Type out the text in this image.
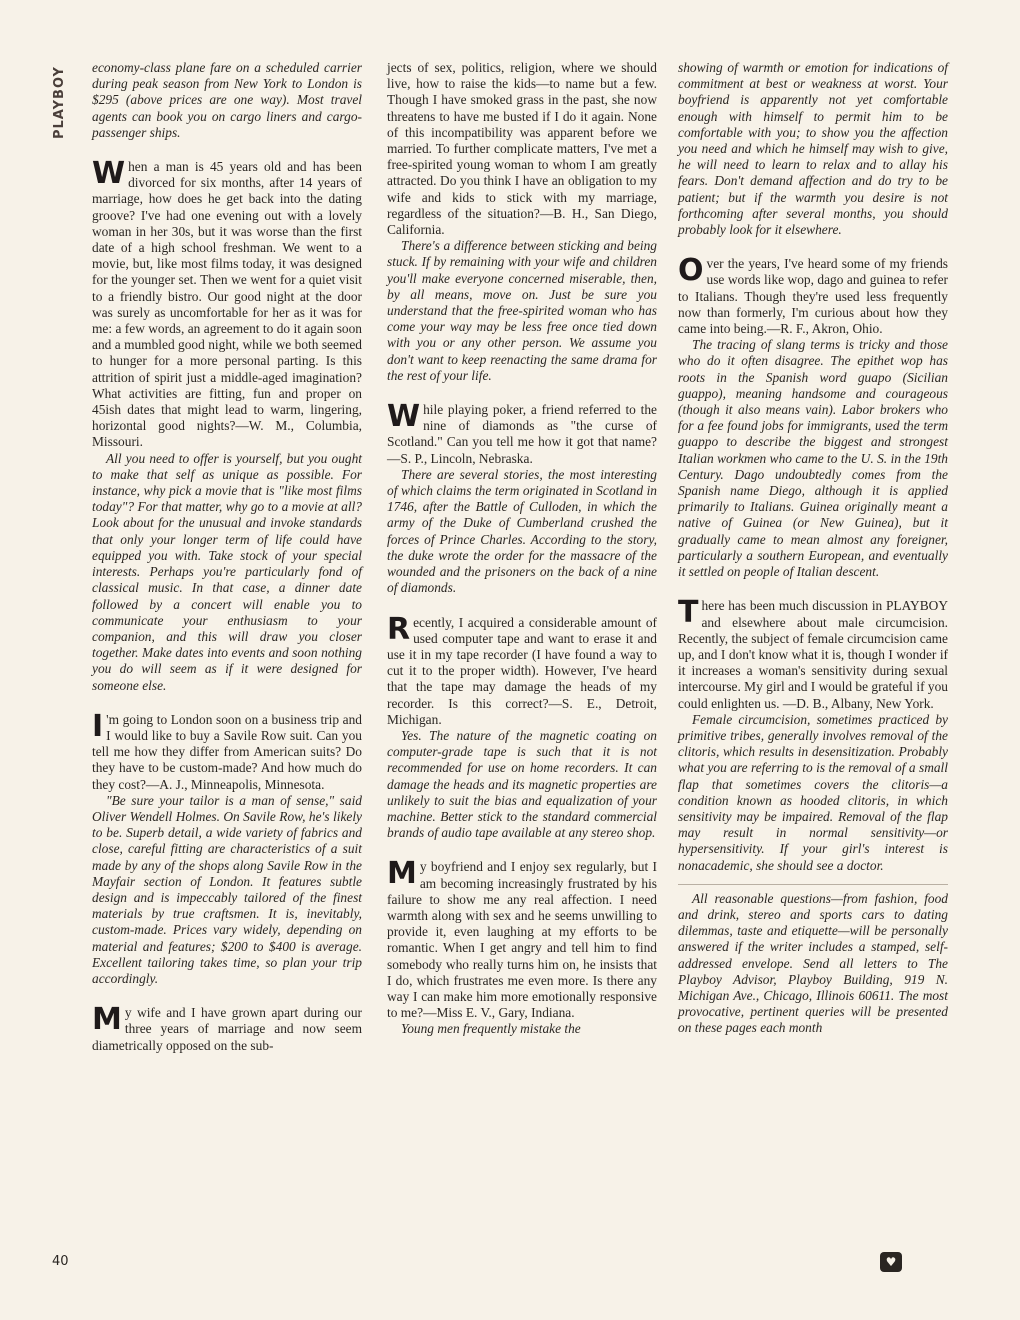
PLAYBOY
40

economy-class plane fare on a scheduled carrier during peak season from New York to London is $295 (above prices are one way). Most travel agents can book you on cargo liners and cargo-passenger ships.

When a man is 45 years old and has been divorced for six months, after 14 years of marriage, how does he get back into the dating groove? I've had one evening out with a lovely woman in her 30s, but it was worse than the first date of a high school freshman. We went to a movie, but, like most films today, it was designed for the younger set. Then we went for a quiet visit to a friendly bistro. Our good night at the door was surely as uncomfortable for her as it was for me: a few words, an agreement to do it again soon and a mumbled good night, while we both seemed to hunger for a more personal parting. Is this attrition of spirit just a middle-aged imagination? What activities are fitting, fun and proper on 45ish dates that might lead to warm, lingering, horizontal good nights?—W. M., Columbia, Missouri.

All you need to offer is yourself, but you ought to make that self as unique as possible. For instance, why pick a movie that is "like most films today"? For that matter, why go to a movie at all? Look about for the unusual and invoke standards that only your longer term of life could have equipped you with. Take stock of your special interests. Perhaps you're particularly fond of classical music. In that case, a dinner date followed by a concert will enable you to communicate your enthusiasm to your companion, and this will draw you closer together. Make dates into events and soon nothing you do will seem as if it were designed for someone else.

I 'm going to London soon on a business trip and I would like to buy a Savile Row suit. Can you tell me how they differ from American suits? Do they have to be custom-made? And how much do they cost?—A. J., Minneapolis, Minnesota.

"Be sure your tailor is a man of sense," said Oliver Wendell Holmes. On Savile Row, he's likely to be. Superb detail, a wide variety of fabrics and close, careful fitting are characteristics of a suit made by any of the shops along Savile Row in the Mayfair section of London. It features subtle design and is impeccably tailored of the finest materials by true craftsmen. It is, inevitably, custom-made. Prices vary widely, depending on material and features; $200 to $400 is average. Excellent tailoring takes time, so plan your trip accordingly.

My wife and I have grown apart during our three years of marriage and now seem diametrically opposed on the sub-

jects of sex, politics, religion, where we should live, how to raise the kids—to name but a few. Though I have smoked grass in the past, she now threatens to have me busted if I do it again. None of this incompatibility was apparent before we married. To further complicate matters, I've met a free-spirited young woman to whom I am greatly attracted. Do you think I have an obligation to my wife and kids to stick with my marriage, regardless of the situation?—B. H., San Diego, California.

There's a difference between sticking and being stuck. If by remaining with your wife and children you'll make everyone concerned miserable, then, by all means, move on. Just be sure you understand that the free-spirited woman who has come your way may be less free once tied down with you or any other person. We assume you don't want to keep reenacting the same drama for the rest of your life.

While playing poker, a friend referred to the nine of diamonds as "the curse of Scotland." Can you tell me how it got that name?—S. P., Lincoln, Nebraska.

There are several stories, the most interesting of which claims the term originated in Scotland in 1746, after the Battle of Culloden, in which the army of the Duke of Cumberland crushed the forces of Prince Charles. According to the story, the duke wrote the order for the massacre of the wounded and the prisoners on the back of a nine of diamonds.

Recently, I acquired a considerable amount of used computer tape and want to erase it and use it in my tape recorder (I have found a way to cut it to the proper width). However, I've heard that the tape may damage the heads of my recorder. Is this correct?—S. E., Detroit, Michigan.

Yes. The nature of the magnetic coating on computer-grade tape is such that it is not recommended for use on home recorders. It can damage the heads and its magnetic properties are unlikely to suit the bias and equalization of your machine. Better stick to the standard commercial brands of audio tape available at any stereo shop.

My boyfriend and I enjoy sex regularly, but I am becoming increasingly frustrated by his failure to show me any real affection. I need warmth along with sex and he seems unwilling to provide it, even laughing at my efforts to be romantic. When I get angry and tell him to find somebody who really turns him on, he insists that I do, which frustrates me even more. Is there any way I can make him more emotionally responsive to me?—Miss E. V., Gary, Indiana.

Young men frequently mistake the

showing of warmth or emotion for indications of commitment at best or weakness at worst. Your boyfriend is apparently not yet comfortable enough with himself to permit him to be comfortable with you; to show you the affection you need and which he himself may wish to give, he will need to learn to relax and to allay his fears. Don't demand affection and do try to be patient; but if the warmth you desire is not forthcoming after several months, you should probably look for it elsewhere.

Over the years, I've heard some of my friends use words like wop, dago and guinea to refer to Italians. Though they're used less frequently now than formerly, I'm curious about how they came into being.—R. F., Akron, Ohio.

The tracing of slang terms is tricky and those who do it often disagree. The epithet wop has roots in the Spanish word guapo (Sicilian guappo), meaning handsome and courageous (though it also means vain). Labor brokers who for a fee found jobs for immigrants, used the term guappo to describe the biggest and strongest Italian workmen who came to the U. S. in the 19th Century. Dago undoubtedly comes from the Spanish name Diego, although it is applied primarily to Italians. Guinea originally meant a native of Guinea (or New Guinea), but it gradually came to mean almost any foreigner, particularly a southern European, and eventually it settled on people of Italian descent.

There has been much discussion in PLAYBOY and elsewhere about male circumcision. Recently, the subject of female circumcision came up, and I don't know what it is, though I wonder if it increases a woman's sensitivity during sexual intercourse. My girl and I would be grateful if you could enlighten us. —D. B., Albany, New York.

Female circumcision, sometimes practiced by primitive tribes, generally involves removal of the clitoris, which results in desensitization. Probably what you are referring to is the removal of a small flap that sometimes covers the clitoris—a condition known as hooded clitoris, in which sensitivity may be impaired. Removal of the flap may result in normal sensitivity—or hypersensitivity. If your girl's interest is nonacademic, she should see a doctor.

All reasonable questions—from fashion, food and drink, stereo and sports cars to dating dilemmas, taste and etiquette—will be personally answered if the writer includes a stamped, self-addressed envelope. Send all letters to The Playboy Advisor, Playboy Building, 919 N. Michigan Ave., Chicago, Illinois 60611. The most provocative, pertinent queries will be presented on these pages each month

♥
